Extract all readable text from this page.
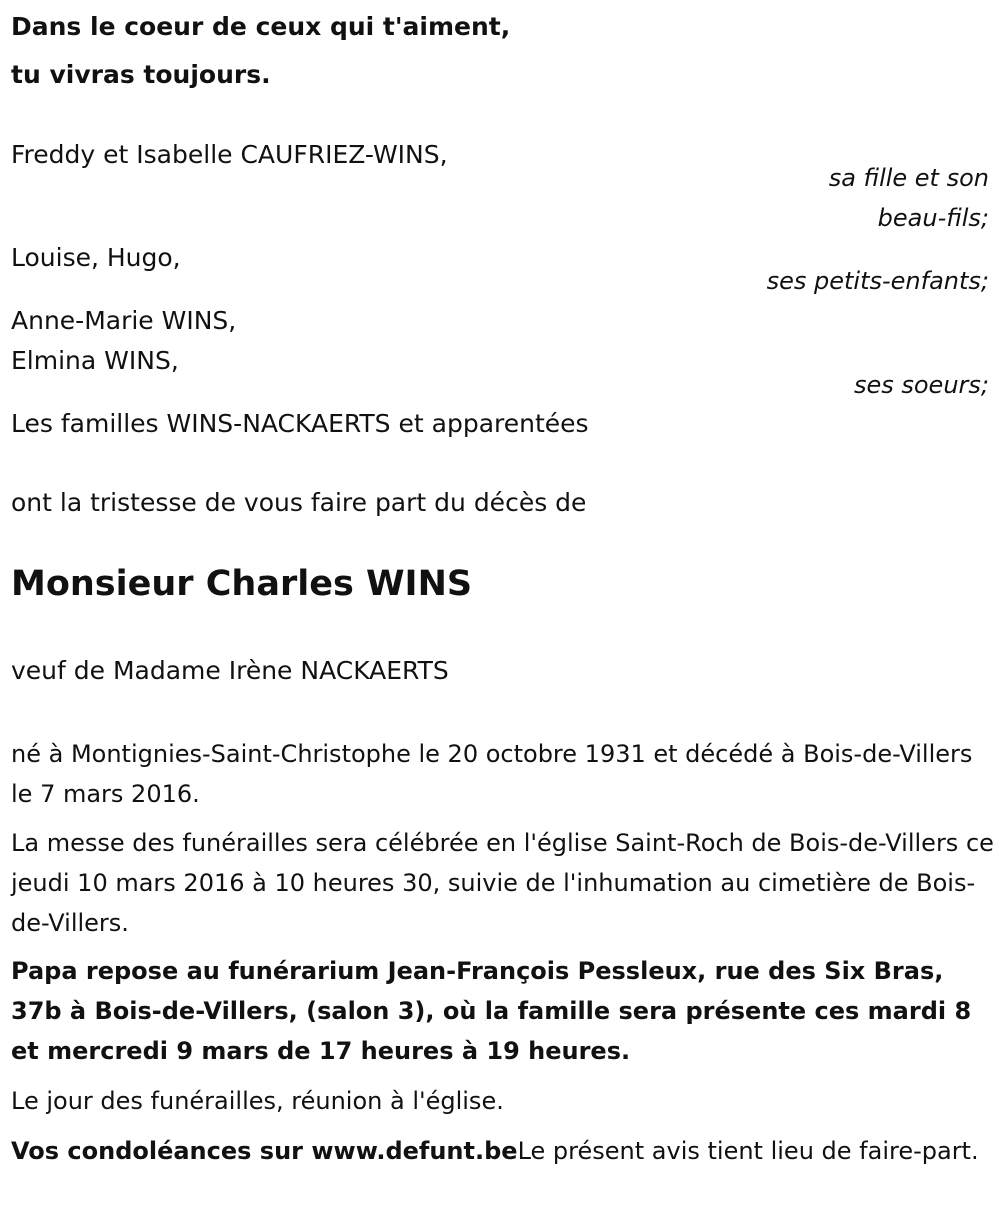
Dans le coeur de ceux qui t'aiment,

tu vivras toujours.

Freddy et Isabelle CAUFRIEZ-WINS,

sa fille et son

beau-fils;

Louise, Hugo,

ses petits-enfants;

Anne-Marie WINS,

Elmina WINS,

ses soeurs;

Les familles WINS-NACKAERTS et apparentées

ont la tristesse de vous faire part du décès de

Monsieur Charles WINS

veuf de Madame Irène NACKAERTS

né à Montignies-Saint-Christophe le 20 octobre 1931 et décédé à Bois-de-Villers le 7 mars 2016.

La messe des funérailles sera célébrée en l'église Saint-Roch de Bois-de-Villers ce jeudi 10 mars 2016 à 10 heures 30, suivie de l'inhumation au cimetière de Bois-de-Villers.

Papa repose au funérarium Jean-François Pessleux, rue des Six Bras, 37b à Bois-de-Villers, (salon 3), où la famille sera présente ces mardi 8 et mercredi 9 mars de 17 heures à 19 heures.

Le jour des funérailles, réunion à l'église.

Vos condoléances sur www.defunt.beLe présent avis tient lieu de faire-part.
